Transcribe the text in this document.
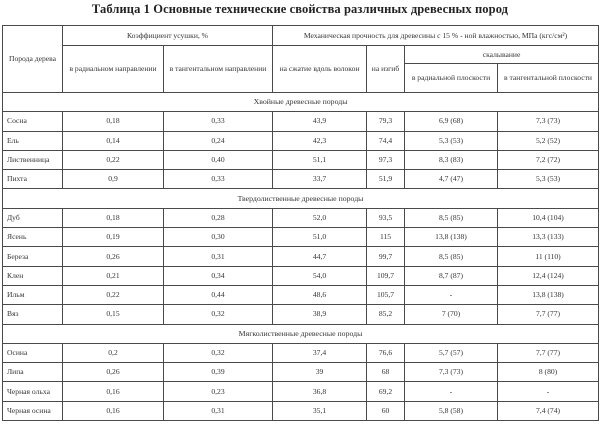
Таблица 1 Основные технические свойства различных древесных пород
Порода дерева	Коэффициент усушки, %		Механическая прочность для древесины с 15 % - ной влажностью, МПа (кгс/см²)			
	в радиальном направлении	в тангентальном направлении	на сжатие вдоль волокон	на изгиб	скалывание	
					в радиальной плоскости	в тангентальной плоскости
Хвойные древесные породы						
Сосна	0,18	0,33	43,9	79,3	6,9 (68)	7,3 (73)
Ель	0,14	0,24	42,3	74,4	5,3 (53)	5,2 (52)
Лиственница	0,22	0,40	51,1	97,3	8,3 (83)	7,2 (72)
Пихта	0,9	0,33	33,7	51,9	4,7 (47)	5,3 (53)
Твердолиственные древесные породы						
Дуб	0,18	0,28	52,0	93,5	8,5 (85)	10,4 (104)
Ясень	0,19	0,30	51,0	115	13,8 (138)	13,3 (133)
Береза	0,26	0,31	44,7	99,7	8,5 (85)	11 (110)
Клен	0,21	0,34	54,0	109,7	8,7 (87)	12,4 (124)
Ильм	0,22	0,44	48,6	105,7	-	13,8 (138)
Вяз	0,15	0,32	38,9	85,2	7 (70)	7,7 (77)
Мягколиственные древесные породы						
Осина	0,2	0,32	37,4	76,6	5,7 (57)	7,7 (77)
Липа	0,26	0,39	39	68	7,3 (73)	8 (80)
Черная ольха	0,16	0,23	36,8	69,2	-	-
Черная осина	0,16	0,31	35,1	60	5,8 (58)	7,4 (74)
